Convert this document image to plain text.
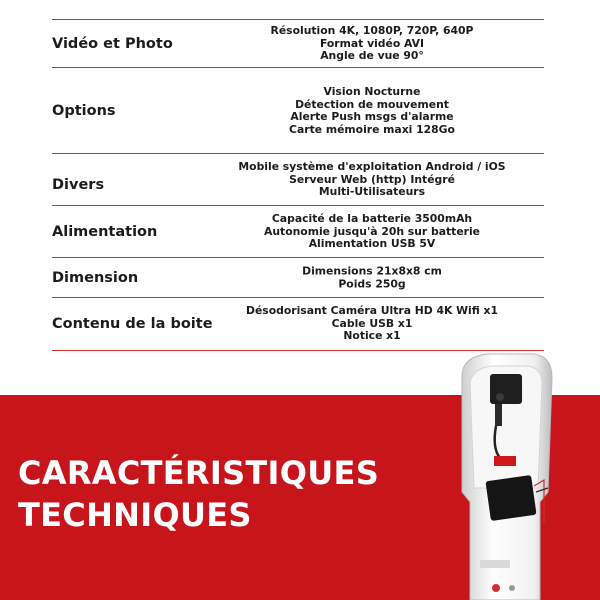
Vidéo et Photo
Résolution 4K, 1080P, 720P, 640P
Format vidéo AVI
Angle de vue 90°
Options
Vision Nocturne
Détection de mouvement
Alerte Push msgs d'alarme
Carte mémoire maxi 128Go
Divers
Mobile système d'exploitation Android / iOS
Serveur Web (http) Intégré
Multi-Utilisateurs
Alimentation
Capacité de la batterie 3500mAh
Autonomie jusqu'à 20h sur batterie
Alimentation USB 5V
Dimension	Dimensions 21x8x8 cm
Poids 250g
Contenu de la boite
Désodorisant Caméra Ultra HD 4K Wifi x1
Cable USB x1
Notice x1
CARACTÉRISTIQUES
TECHNIQUES
